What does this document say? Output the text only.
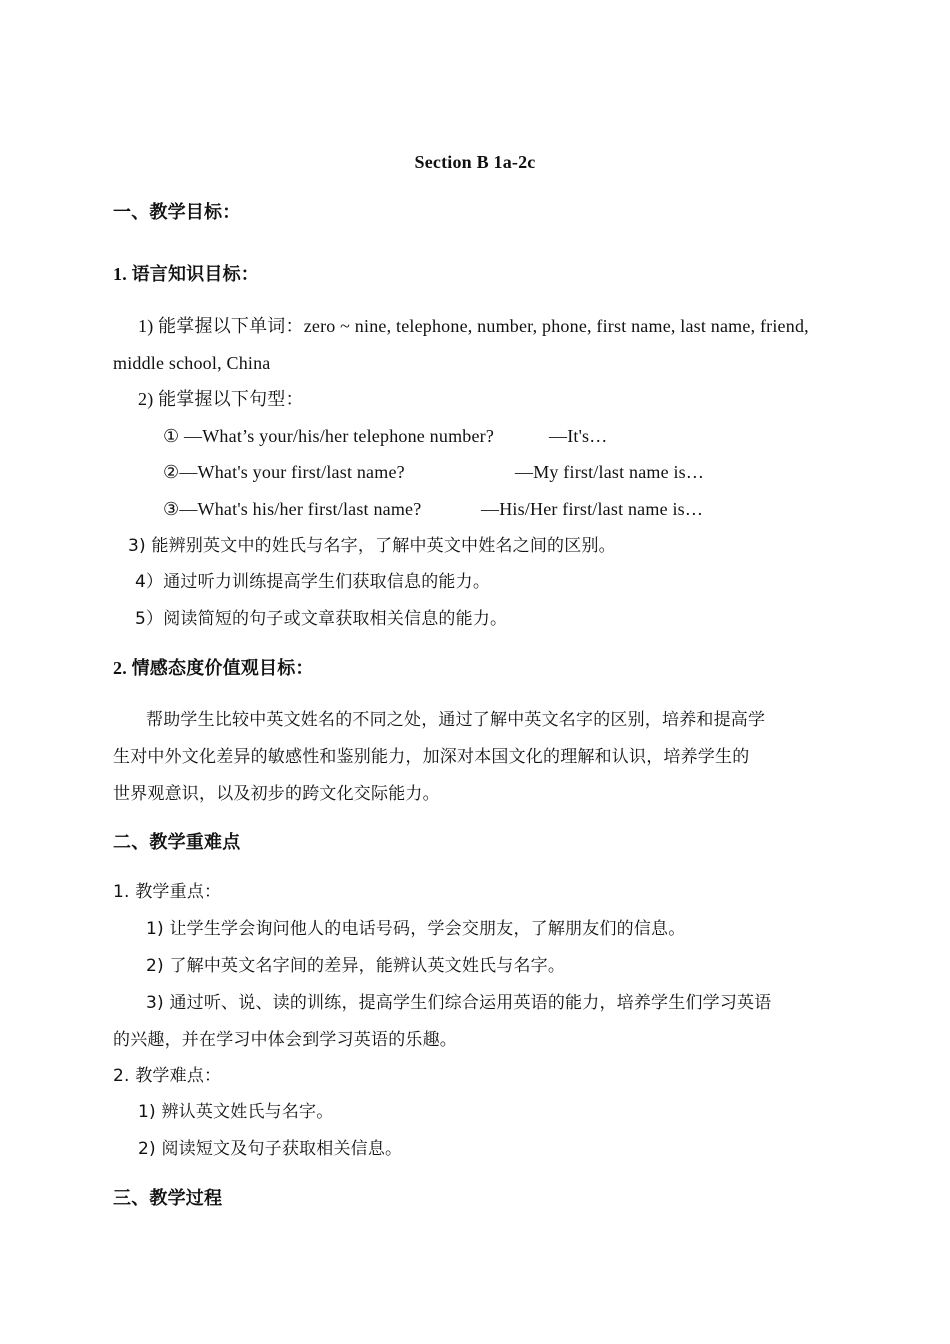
Section B 1a-2c
一、教学目标：
1. 语言知识目标：
1) 能掌握以下单词：zero ~ nine, telephone, number, phone, first name, last name, friend,
middle school, China
2) 能掌握以下句型：
① —What’s your/his/her telephone number?	—It's…
②—What's your first/last name?	—My first/last name is…
③—What's his/her first/last name?	—His/Her first/last name is…
3) 能辨别英文中的姓氏与名字，了解中英文中姓名之间的区别。
4）通过听力训练提高学生们获取信息的能力。
5）阅读简短的句子或文章获取相关信息的能力。
2. 情感态度价值观目标：
帮助学生比较中英文姓名的不同之处，通过了解中英文名字的区别，培养和提高学
生对中外文化差异的敏感性和鉴别能力，加深对本国文化的理解和认识，培养学生的
世界观意识，以及初步的跨文化交际能力。
二、教学重难点
1. 教学重点：
1) 让学生学会询问他人的电话号码，学会交朋友，了解朋友们的信息。
2) 了解中英文名字间的差异，能辨认英文姓氏与名字。
3) 通过听、说、读的训练，提高学生们综合运用英语的能力，培养学生们学习英语
的兴趣，并在学习中体会到学习英语的乐趣。
2. 教学难点：
1) 辨认英文姓氏与名字。
2) 阅读短文及句子获取相关信息。
三、教学过程
